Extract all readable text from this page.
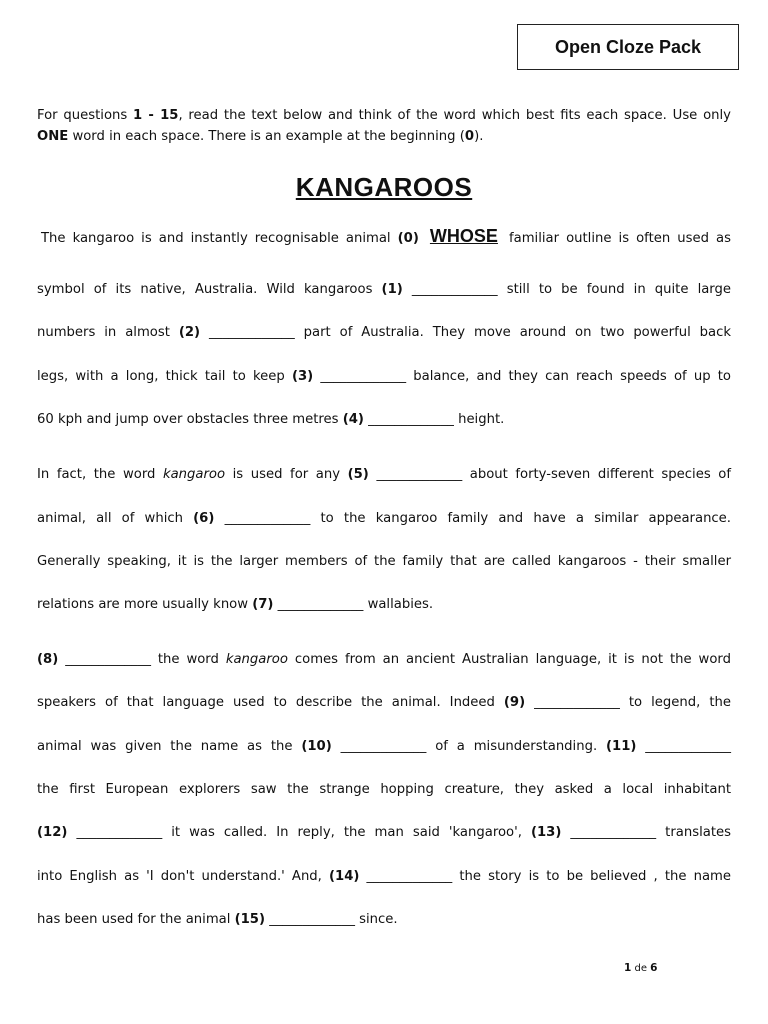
Open Cloze Pack

For questions 1 - 15, read the text below and think of the word which best fits each space. Use only ONE word in each space. There is an example at the beginning (0).

KANGAROOS
The kangaroo is and instantly recognisable animal (0) WHOSE familiar outline is often used as
symbol of its native, Australia. Wild kangaroos (1) _____________ still to be found in quite large
numbers in almost (2) _____________ part of Australia. They move around on two powerful back
legs, with a long, thick tail to keep (3) _____________ balance, and they can reach speeds of up to
60 kph and jump over obstacles three metres (4) _____________ height.
In fact, the word kangaroo is used for any (5) _____________ about forty-seven different species of
animal, all of which (6) _____________ to the kangaroo family and have a similar appearance.
Generally speaking, it is the larger members of the family that are called kangaroos - their smaller
relations are more usually know (7) _____________ wallabies.
(8) _____________ the word kangaroo comes from an ancient Australian language, it is not the word
speakers of that language used to describe the animal. Indeed (9) _____________ to legend, the
animal was given the name as the (10) _____________ of a misunderstanding. (11) _____________
the first European explorers saw the strange hopping creature, they asked a local inhabitant
(12) _____________ it was called. In reply, the man said 'kangaroo', (13) _____________ translates
into English as 'I don't understand.' And, (14) _____________ the story is to be believed , the name
has been used for the animal (15) _____________ since.
1 de 6
